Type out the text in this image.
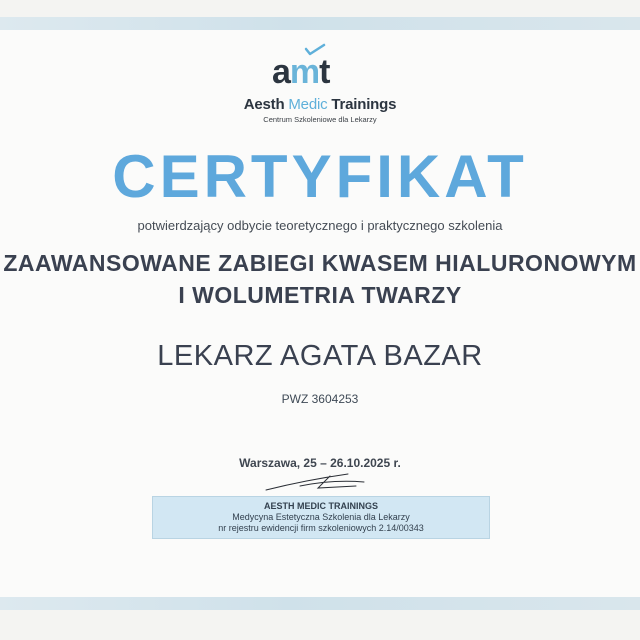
amt
Aesth Medic Trainings
Centrum Szkoleniowe dla Lekarzy
CERTYFIKAT
potwierdzający odbycie teoretycznego i praktycznego szkolenia
ZAAWANSOWANE ZABIEGI KWASEM HIALURONOWYM
I WOLUMETRIA TWARZY
LEKARZ AGATA BAZAR
PWZ 3604253
Warszawa, 25 – 26.10.2025 r.
AESTH MEDIC TRAININGS
Medycyna Estetyczna Szkolenia dla Lekarzy
nr rejestru ewidencji firm szkoleniowych 2.14/00343
